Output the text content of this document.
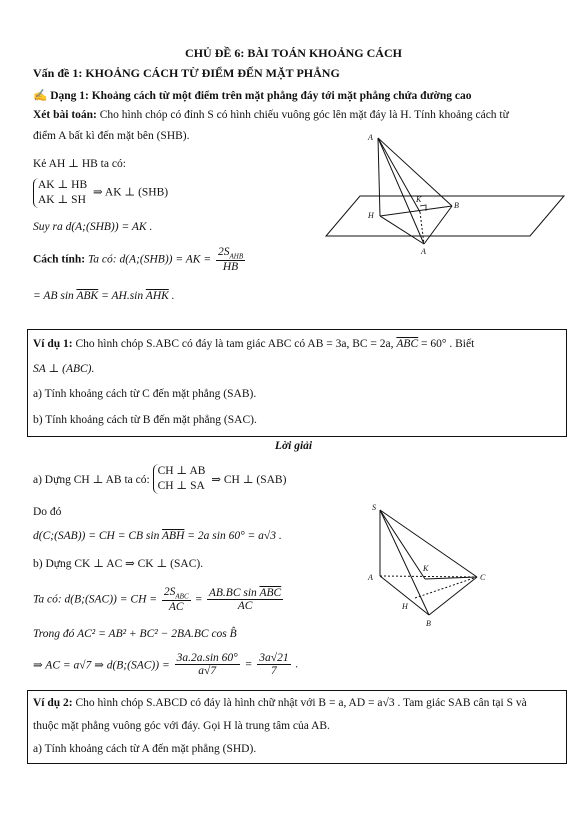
CHỦ ĐỀ 6: BÀI TOÁN KHOẢNG CÁCH
Vấn đề 1: KHOẢNG CÁCH TỪ ĐIỂM ĐẾN MẶT PHẲNG
✍ Dạng 1: Khoảng cách từ một điểm trên mặt phẳng đáy tới mặt phẳng chứa đường cao
Xét bài toán: Cho hình chóp có đỉnh S có hình chiếu vuông góc lên mặt đáy là H. Tính khoảng cách từ
điểm A bất kì đến mặt bên (SHB).
Kẻ AH ⊥ HB ta có:
AK ⊥ HB
AK ⊥ SH
⇒ AK ⊥ (SHB)
Suy ra d(A;(SHB)) = AK .
Cách tính: Ta có: d(A;(SHB)) = AK = $\frac{2S_{AHB}}{HB}$
= AB $\sin \overline{ABK} = AH.\sin$ $\overline{AHK}$ .
A
H
K
B
A
Ví dụ 1: Cho hình chóp S.ABC có đáy là tam giác ABC có AB = 3a, BC = 2a, $\overline{ABC} = 60^\circ$ . Biết
SA ⊥ (ABC).
a) Tính khoảng cách từ C đến mặt phẳng (SAB).
b) Tính khoảng cách từ B đến mặt phẳng (SAC).
Lời giải
a) Dựng CH ⊥ AB ta có:
CH ⊥ AB
CH ⊥ SA ⇒ CH ⊥ (SAB)
Do đó
d(C;(SAB)) = CH = CB $\sin \overline{ABH} = 2a$ sin 60° = a√3 .
b) Dựng CK ⊥ AC ⇒ CK ⊥ (SAC).
Ta có: d(B;(SAC)) = CH = $\frac{2S_{ABC}}{AC} = \frac{AB.BC \sin \overline{ABC}}{AC}$
Trong đó AC² = AB² + BC² − 2BA.BC cos B̂
⇒ AC = a√7 ⇒ d(B;(SAC)) = $\frac{3a.2a.\sin 60^\circ}{a√7} = \frac{3a√21}{7}$ .
S
A
K
C
H
B
Ví dụ 2: Cho hình chóp S.ABCD có đáy là hình chữ nhật với B = a, AD = a√3 . Tam giác SAB cân tại S và
thuộc mặt phẳng vuông góc với đáy. Gọi H là trung tâm của AB.
a) Tính khoảng cách từ A đến mặt phẳng (SHD).
